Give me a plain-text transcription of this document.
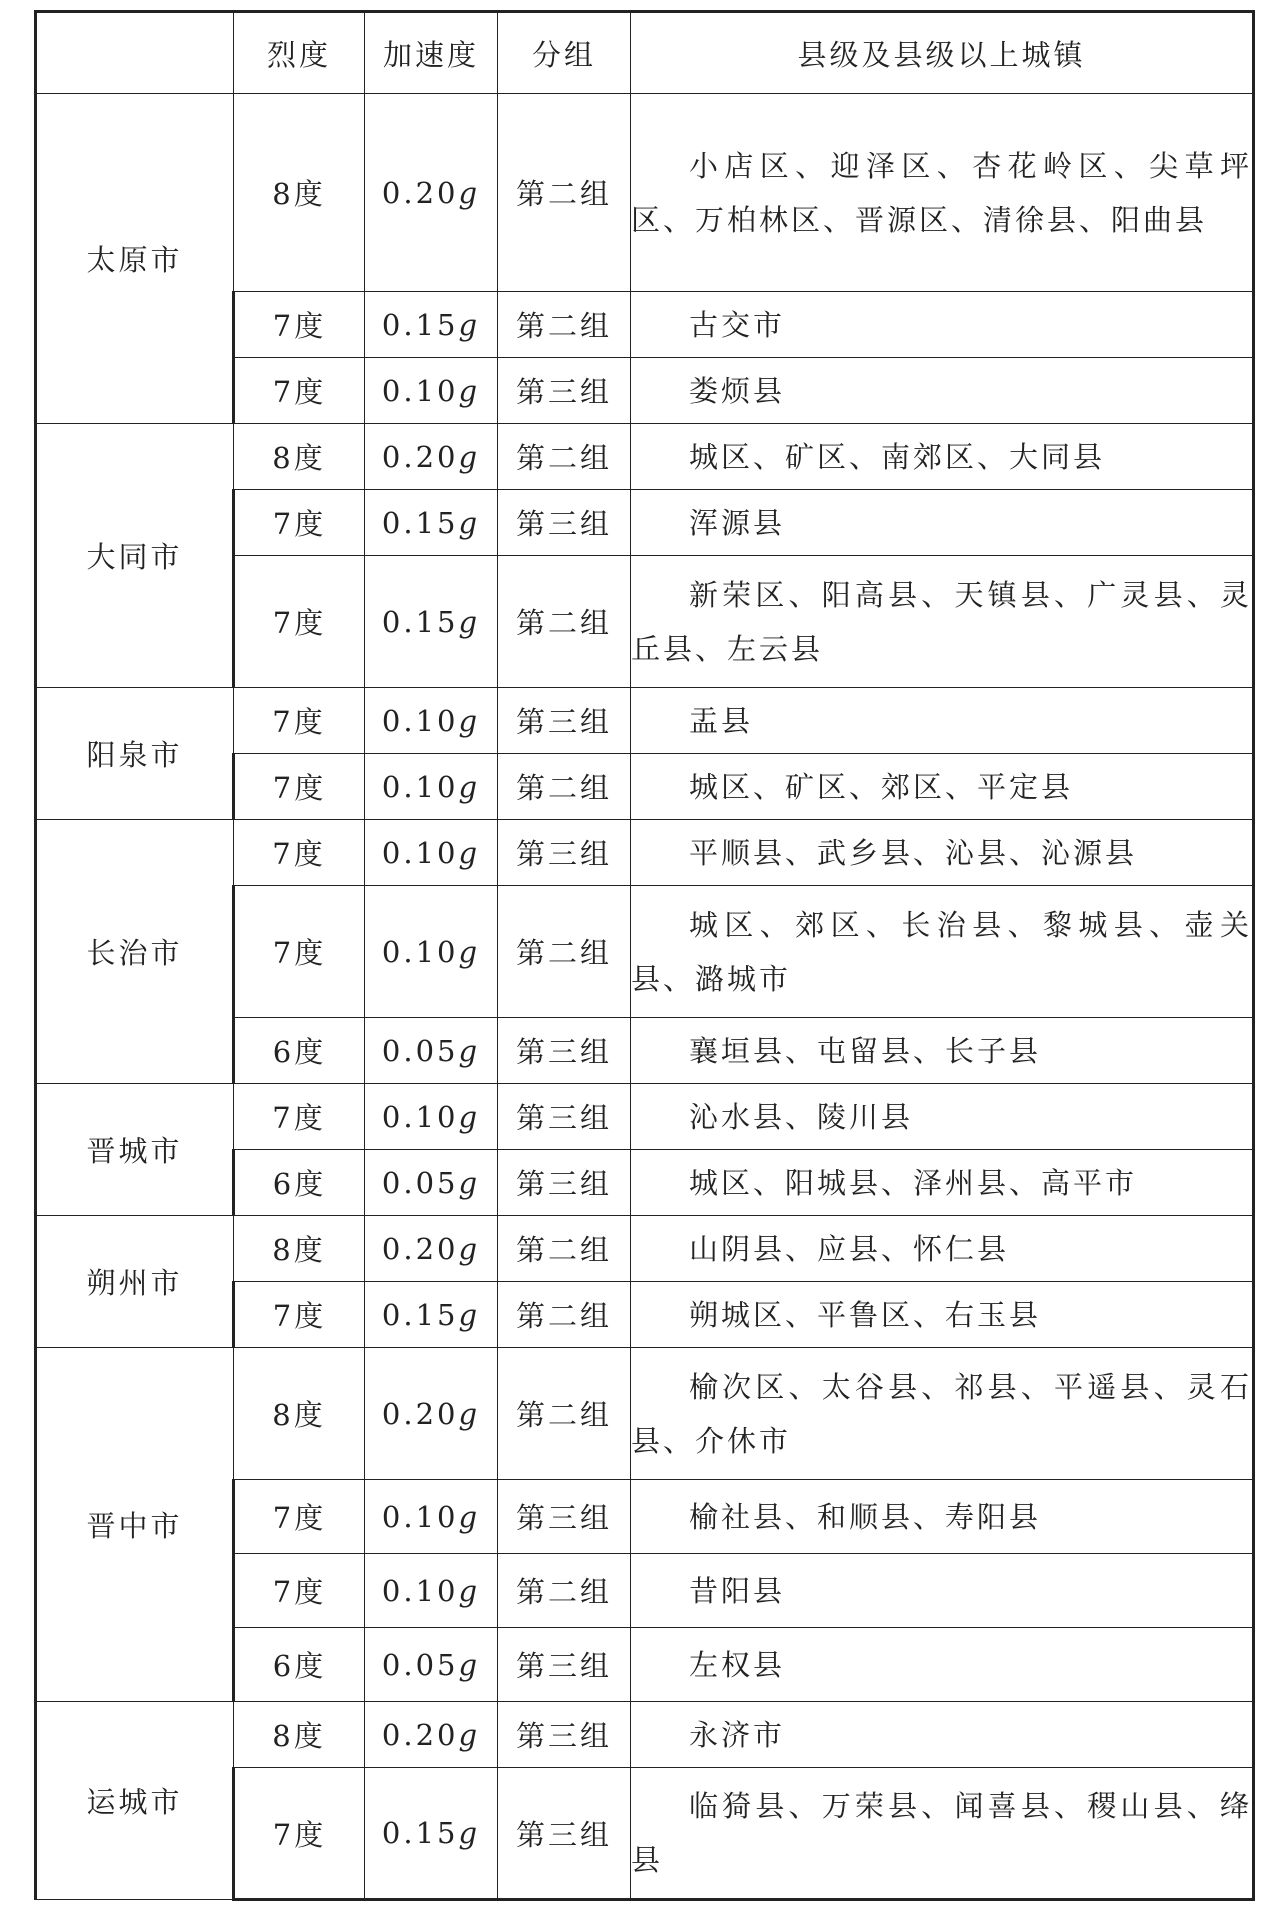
	烈度	加速度	分组	县级及县级以上城镇
太原市	8度	0.20g	第二组	小店区、迎泽区、杏花岭区、尖草坪区、万柏林区、晋源区、清徐县、阳曲县

	7度	0.15g	第二组	古交市

	7度	0.10g	第三组	娄烦县

大同市	8度	0.20g	第二组	城区、矿区、南郊区、大同县

	7度	0.15g	第三组	浑源县

	7度	0.15g	第二组	新荣区、阳高县、天镇县、广灵县、灵丘县、左云县

阳泉市	7度	0.10g	第三组	盂县

	7度	0.10g	第二组	城区、矿区、郊区、平定县

长治市	7度	0.10g	第三组	平顺县、武乡县、沁县、沁源县

	7度	0.10g	第二组	城区、郊区、长治县、黎城县、壶关县、潞城市

	6度	0.05g	第三组	襄垣县、屯留县、长子县

晋城市	7度	0.10g	第三组	沁水县、陵川县

	6度	0.05g	第三组	城区、阳城县、泽州县、高平市

朔州市	8度	0.20g	第二组	山阴县、应县、怀仁县

	7度	0.15g	第二组	朔城区、平鲁区、右玉县

晋中市	8度	0.20g	第二组	榆次区、太谷县、祁县、平遥县、灵石县、介休市

	7度	0.10g	第三组	榆社县、和顺县、寿阳县

	7度	0.10g	第二组	昔阳县

	6度	0.05g	第三组	左权县

运城市	8度	0.20g	第三组	永济市

	7度	0.15g	第三组	临猗县、万荣县、闻喜县、稷山县、绛县
